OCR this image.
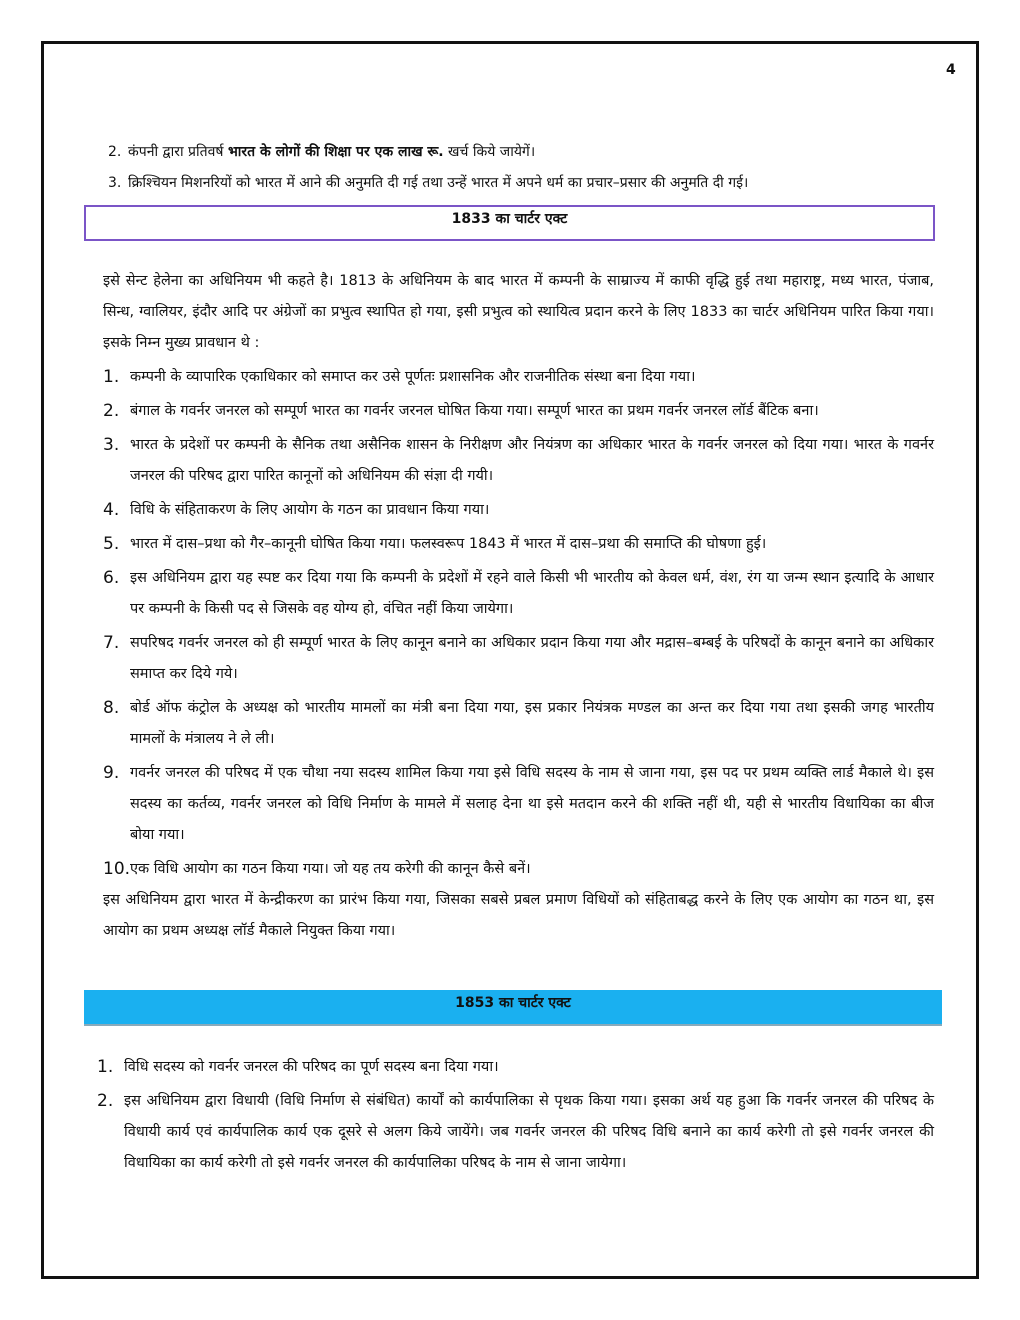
4
2. कंपनी द्वारा प्रतिवर्ष भारत के लोगों की शिक्षा पर एक लाख रू. खर्च किये जायेगें।
3. क्रिश्चियन मिशनरियों को भारत में आने की अनुमति दी गई तथा उन्हें भारत में अपने धर्म का प्रचार–प्रसार की अनुमति दी गई।
1833 का चार्टर एक्ट
इसे सेन्ट हेलेना का अधिनियम भी कहते है। 1813 के अधिनियम के बाद भारत में कम्पनी के साम्राज्य में काफी वृद्धि हुई तथा महाराष्ट्र, मध्य भारत, पंजाब, सिन्ध, ग्वालियर, इंदौर आदि पर अंग्रेजों का प्रभुत्व स्थापित हो गया, इसी प्रभुत्व को स्थायित्व प्रदान करने के लिए 1833 का चार्टर अधिनियम पारित किया गया। इसके निम्न मुख्य प्रावधान थे :
1. कम्पनी के व्यापारिक एकाधिकार को समाप्त कर उसे पूर्णतः प्रशासनिक और राजनीतिक संस्था बना दिया गया।
2. बंगाल के गवर्नर जनरल को सम्पूर्ण भारत का गवर्नर जरनल घोषित किया गया। सम्पूर्ण भारत का प्रथम गवर्नर जनरल लॉर्ड बैंटिक बना।
3. भारत के प्रदेशों पर कम्पनी के सैनिक तथा असैनिक शासन के निरीक्षण और नियंत्रण का अधिकार भारत के गवर्नर जनरल को दिया गया। भारत के गवर्नर जनरल की परिषद द्वारा पारित कानूनों को अधिनियम की संज्ञा दी गयी।
4. विधि के संहिताकरण के लिए आयोग के गठन का प्रावधान किया गया।
5. भारत में दास–प्रथा को गैर–कानूनी घोषित किया गया। फलस्वरूप 1843 में भारत में दास–प्रथा की समाप्ति की घोषणा हुई।
6. इस अधिनियम द्वारा यह स्पष्ट कर दिया गया कि कम्पनी के प्रदेशों में रहने वाले किसी भी भारतीय को केवल धर्म, वंश, रंग या जन्म स्थान इत्यादि के आधार पर कम्पनी के किसी पद से जिसके वह योग्य हो, वंचित नहीं किया जायेगा।
7. सपरिषद गवर्नर जनरल को ही सम्पूर्ण भारत के लिए कानून बनाने का अधिकार प्रदान किया गया और मद्रास–बम्बई के परिषदों के कानून बनाने का अधिकार समाप्त कर दिये गये।
8. बोर्ड ऑफ कंट्रोल के अध्यक्ष को भारतीय मामलों का मंत्री बना दिया गया, इस प्रकार नियंत्रक मण्डल का अन्त कर दिया गया तथा इसकी जगह भारतीय मामलों के मंत्रालय ने ले ली।
9. गवर्नर जनरल की परिषद में एक चौथा नया सदस्य शामिल किया गया इसे विधि सदस्य के नाम से जाना गया, इस पद पर प्रथम व्यक्ति लार्ड मैकाले थे। इस सदस्य का कर्तव्य, गवर्नर जनरल को विधि निर्माण के मामले में सलाह देना था इसे मतदान करने की शक्ति नहीं थी, यही से भारतीय विधायिका का बीज बोया गया।
10. एक विधि आयोग का गठन किया गया। जो यह तय करेगी की कानून कैसे बनें।
इस अधिनियम द्वारा भारत में केन्द्रीकरण का प्रारंभ किया गया, जिसका सबसे प्रबल प्रमाण विधियों को संहिताबद्ध करने के लिए एक आयोग का गठन था, इस आयोग का प्रथम अध्यक्ष लॉर्ड मैकाले नियुक्त किया गया।
1853 का चार्टर एक्ट
1. विधि सदस्य को गवर्नर जनरल की परिषद का पूर्ण सदस्य बना दिया गया।
2. इस अधिनियम द्वारा विधायी (विधि निर्माण से संबंधित) कार्यों को कार्यपालिका से पृथक किया गया। इसका अर्थ यह हुआ कि गवर्नर जनरल की परिषद के विधायी कार्य एवं कार्यपालिक कार्य एक दूसरे से अलग किये जायेंगे। जब गवर्नर जनरल की परिषद विधि बनाने का कार्य करेगी तो इसे गवर्नर जनरल की विधायिका का कार्य करेगी तो इसे गवर्नर जनरल की कार्यपालिका परिषद के नाम से जाना जायेगा।
